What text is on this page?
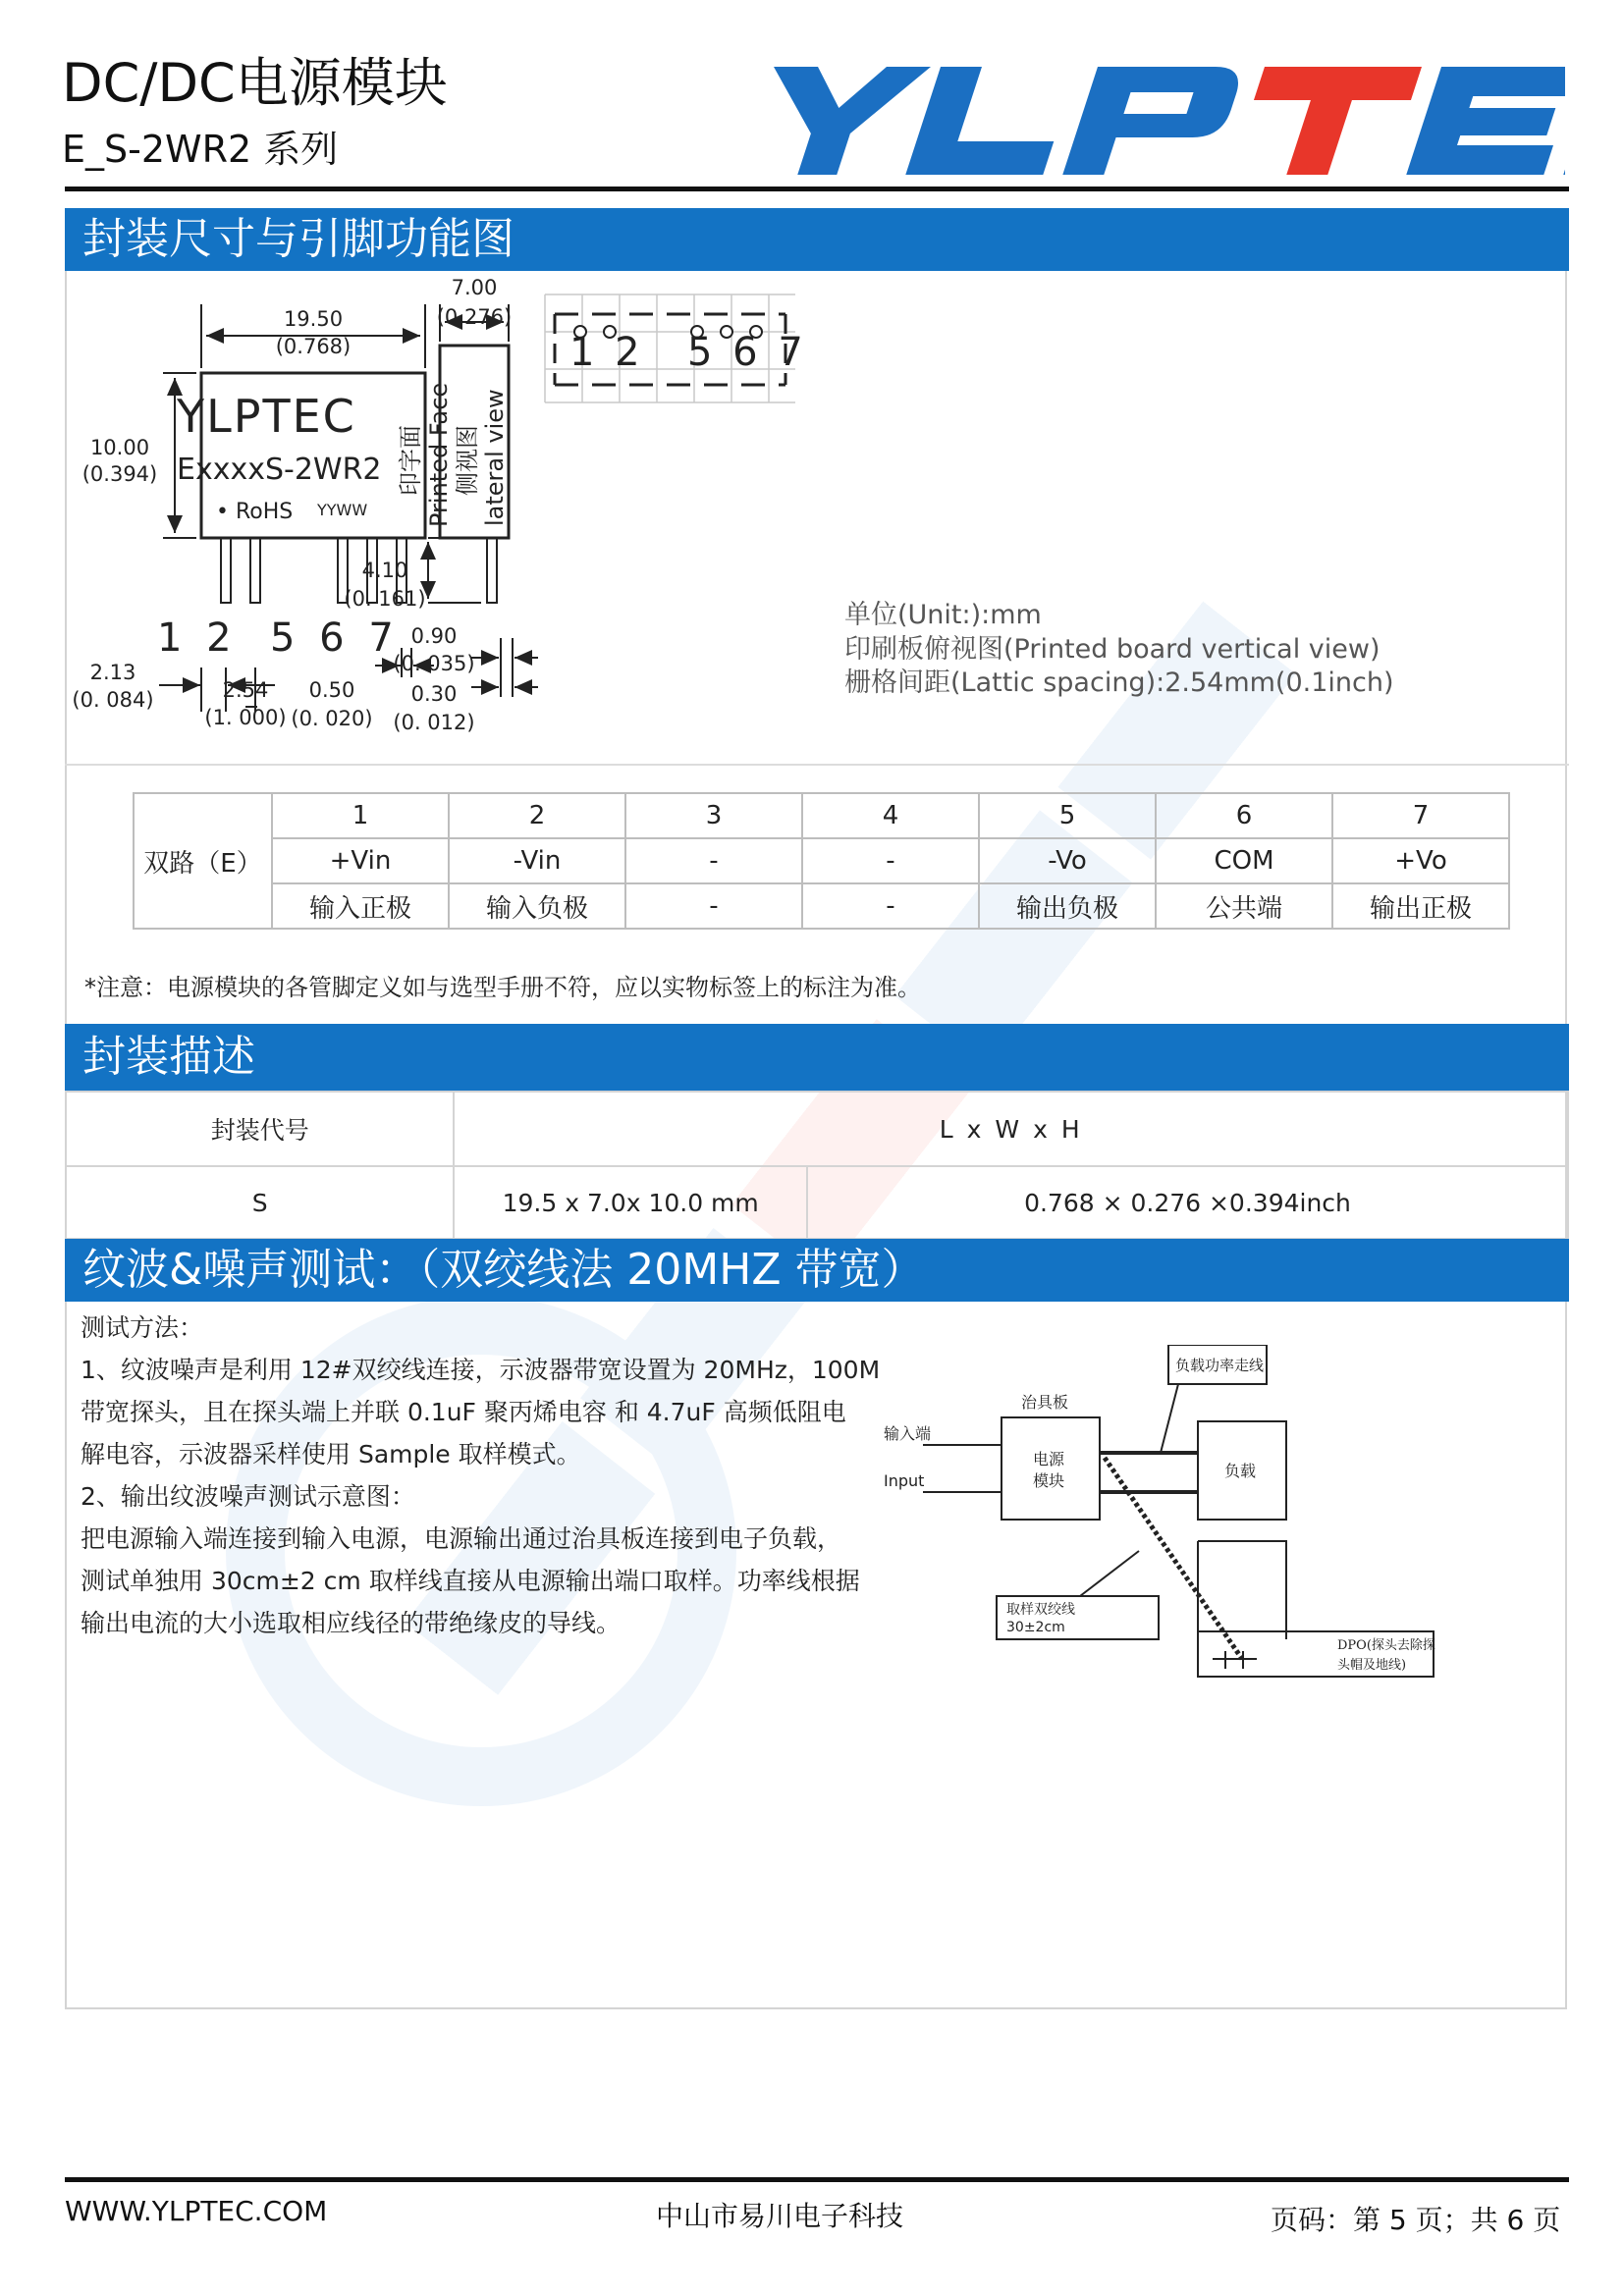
DC/DC电源模块
E_S-2WR2 系列
YLPTEC
封装尺寸与引脚功能图
19.50
(0.768)
10.00
(0.394)
7.00
(0.276)
4.10
(0. 161)
0.90
(0. 035)
0.30
(0. 012)
2.13
(0. 084)	2.54
(1. 000)
0.50
(0. 020)
YYWW
• RoHS
YLPTEC
ExxxxS-2WR2
1 2 5 6 7
印字面 Printed Face 侧视图 lateral view
1 2 5 6 7
单位(Unit:):mm
印刷板俯视图(Printed board vertical view)
栅格间距(Lattic spacing):2.54mm(0.1inch)
双路（E）	1	2	3	4	5	6	7
	+Vin	-Vin	-	-	-Vo	COM	+Vo
	输入正极	输入负极	-	-	输出负极	公共端	输出正极
*注意：电源模块的各管脚定义如与选型手册不符，应以实物标签上的标注为准。
封装描述
封装代号	L x W x H	
S	19.5 x 7.0x 10.0 mm	0.768 × 0.276 ×0.394inch
纹波&噪声测试：（双绞线法 20MHZ 带宽）
测试方法：
1、纹波噪声是利用 12#双绞线连接，示波器带宽设置为 20MHz，100M
带宽探头，且在探头端上并联 0.1uF 聚丙烯电容 和 4.7uF 高频低阻电
解电容，示波器采样使用 Sample 取样模式。
2、输出纹波噪声测试示意图：
把电源输入端连接到输入电源，电源输出通过治具板连接到电子负载，
测试单独用 30cm±2 cm 取样线直接从电源输出端口取样。功率线根据
输出电流的大小选取相应线径的带绝缘皮的导线。
负载功率走线
治具板
输入端
Input
电源
模块
负载
取样双绞线
30±2cm
DPO(探头去除探
头帽及地线)
WWW.YLPTEC.COM	中山市易川电子科技	页码：第 5 页；共 6 页
